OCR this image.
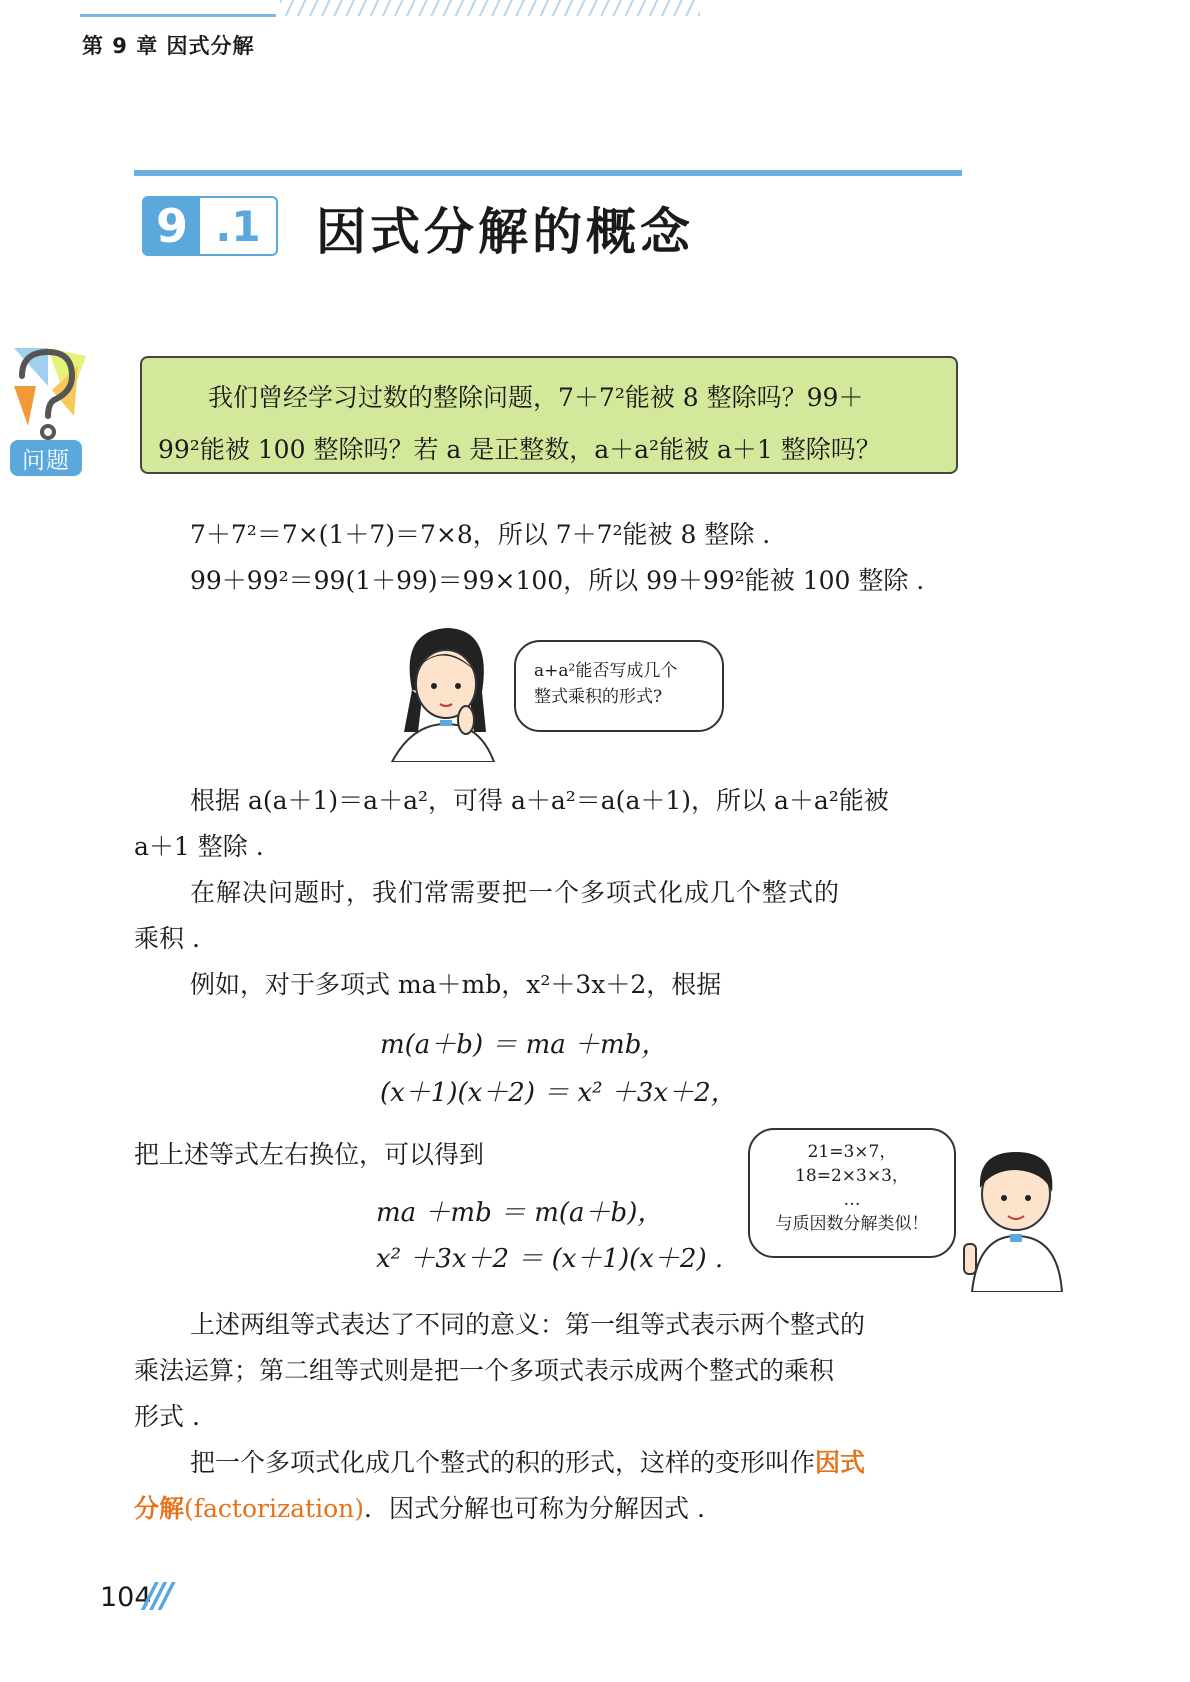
第 9 章 因式分解
9 .1	因式分解的概念
问题
我们曾经学习过数的整除问题，7＋7²能被 8 整除吗？99＋
99²能被 100 整除吗？若 a 是正整数，a＋a²能被 a＋1 整除吗？
7＋7²＝7×(1＋7)＝7×8，所以 7＋7²能被 8 整除 .
99＋99²＝99(1＋99)＝99×100，所以 99＋99²能被 100 整除 .
a+a²能否写成几个
整式乘积的形式?
根据 a(a＋1)＝a＋a²，可得 a＋a²＝a(a＋1)，所以 a＋a²能被
a＋1 整除 .
在解决问题时，我们常需要把一个多项式化成几个整式的
乘积 .
例如，对于多项式 ma＋mb，x²＋3x＋2，根据
m(a＋b) ＝ ma ＋mb，
(x＋1)(x＋2) ＝ x² ＋3x＋2，
把上述等式左右换位，可以得到
ma ＋mb ＝ m(a＋b)，
x² ＋3x＋2 ＝ (x＋1)(x＋2) .
21=3×7，
18=2×3×3，
…
与质因数分解类似！
上述两组等式表达了不同的意义：第一组等式表示两个整式的
乘法运算；第二组等式则是把一个多项式表示成两个整式的乘积
形式 .
把一个多项式化成几个整式的积的形式，这样的变形叫作因式
分解(factorization)．因式分解也可称为分解因式 .
104
///
